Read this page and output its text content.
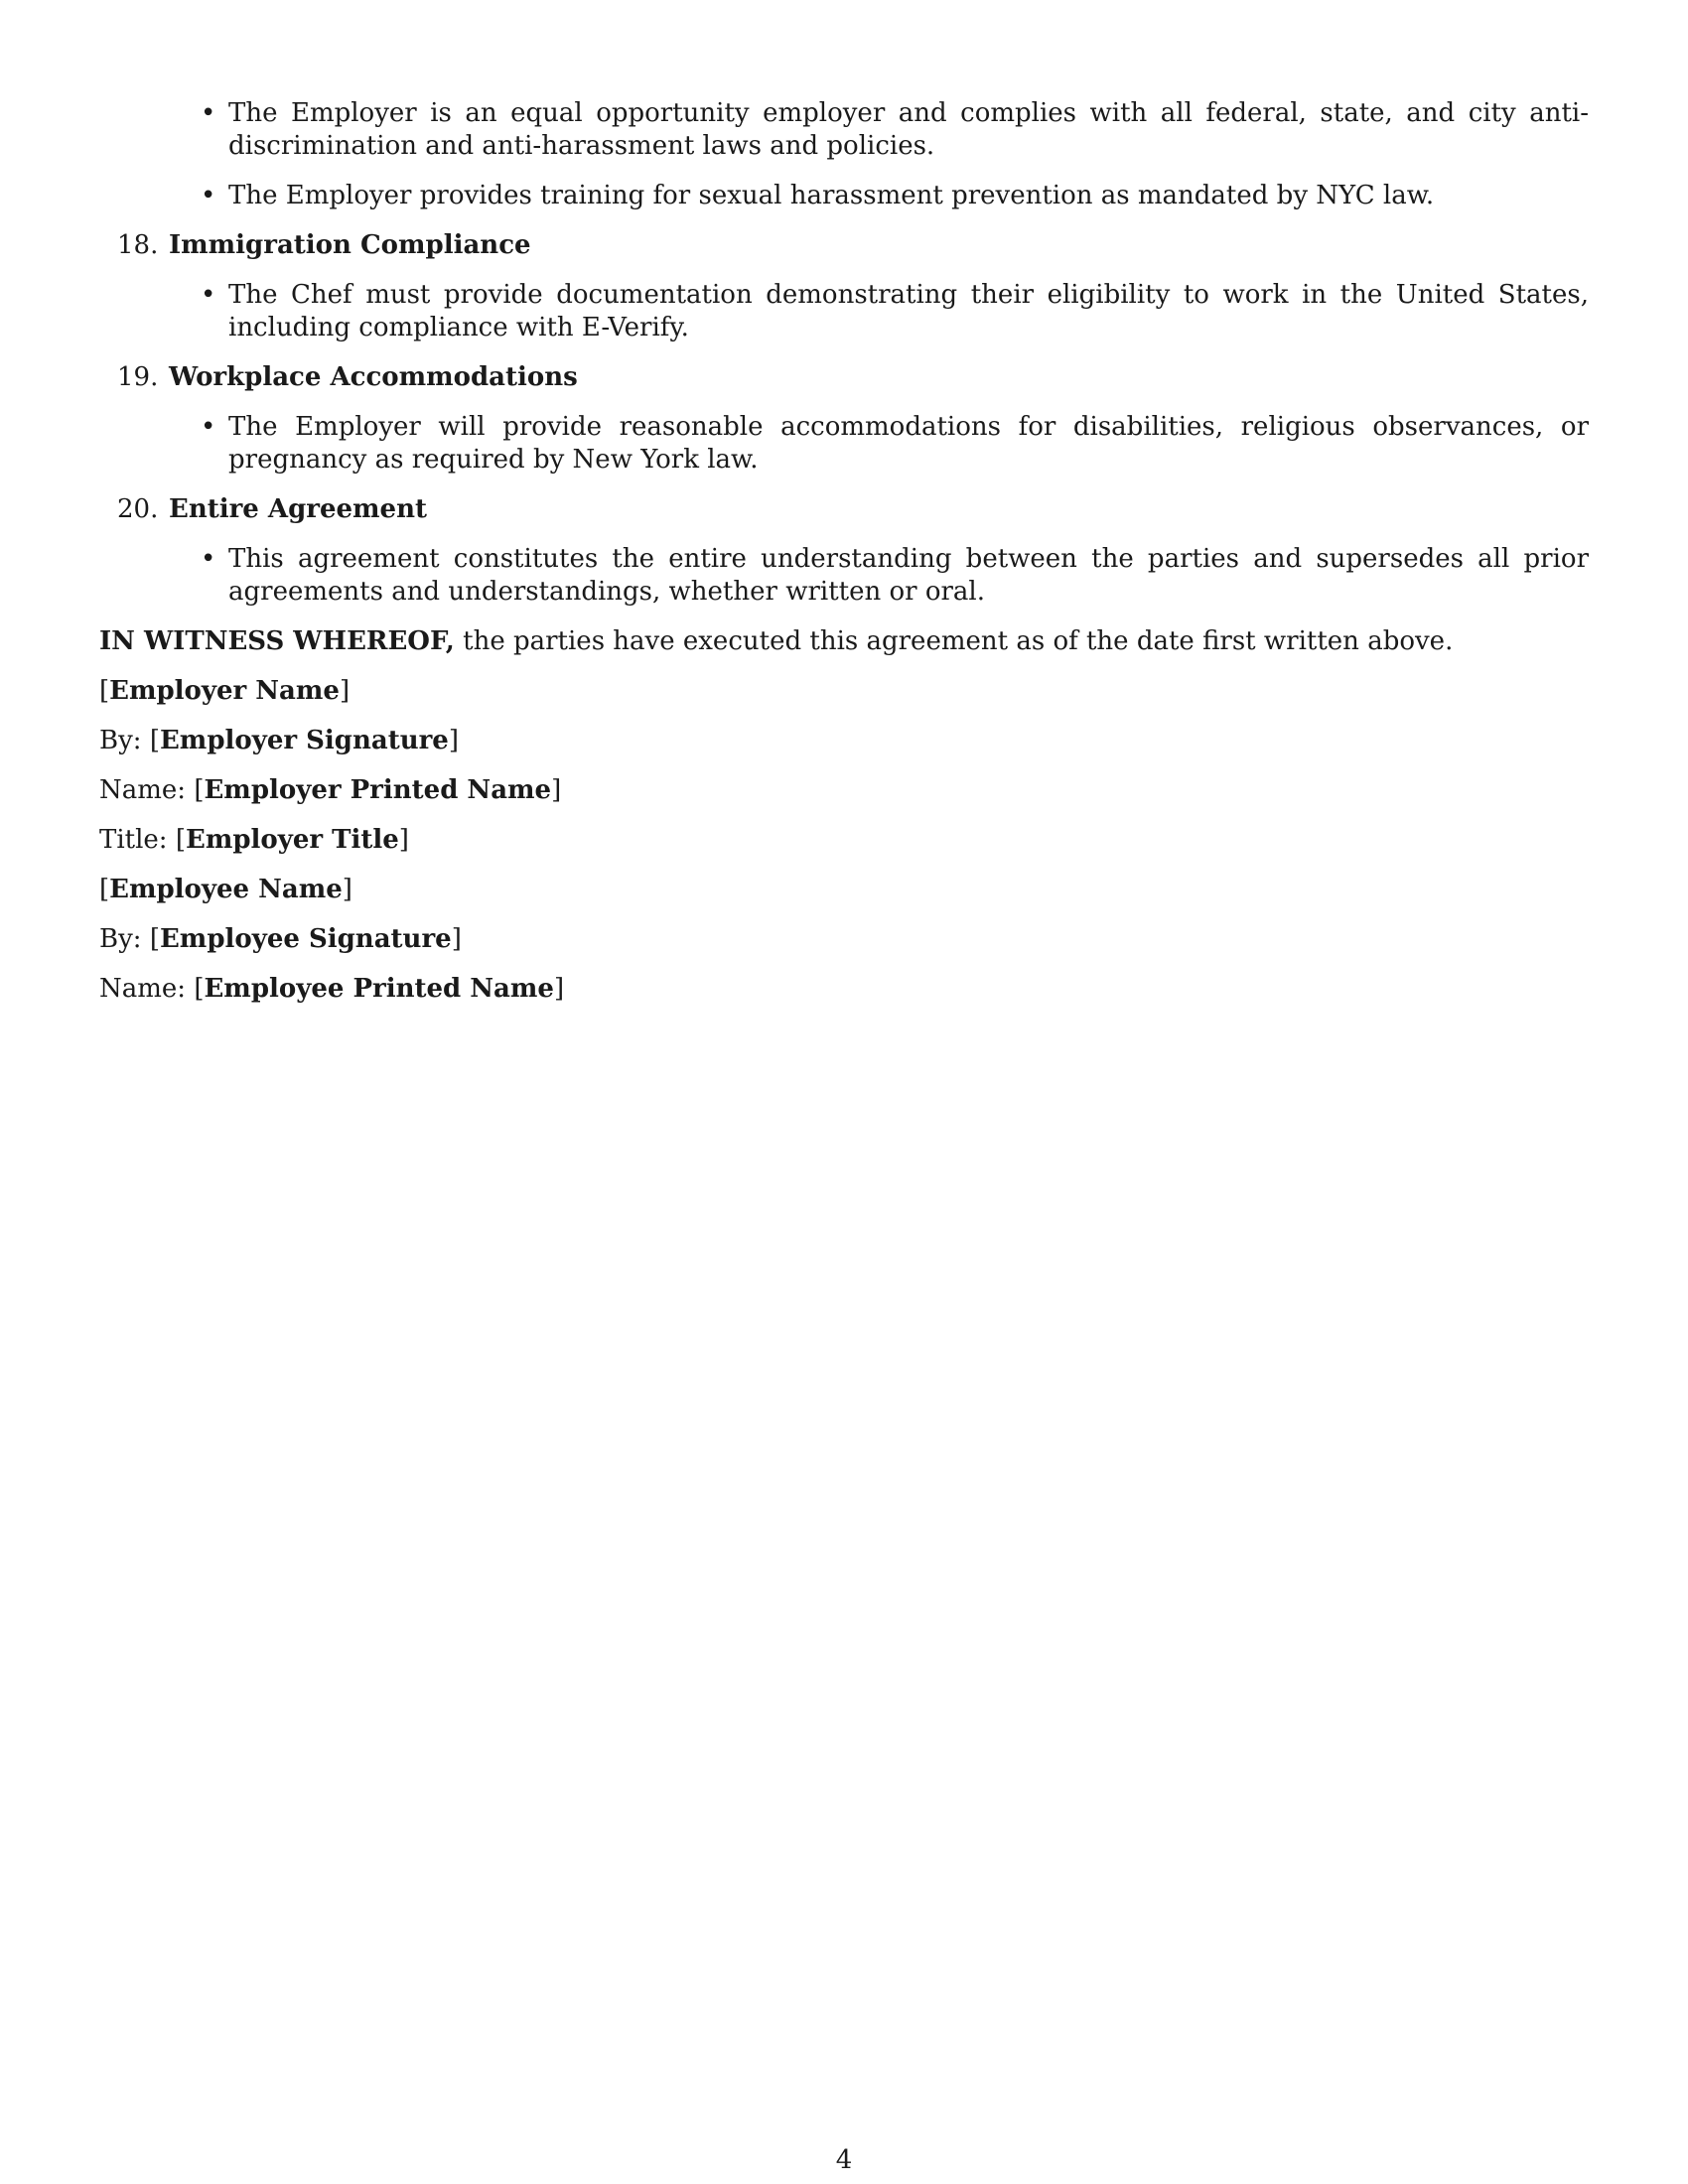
• The Employer is an equal opportunity employer and complies with all federal, state, and city anti-discrimination and anti-harassment laws and policies.
• The Employer provides training for sexual harassment prevention as mandated by NYC law.
18. Immigration Compliance
• The Chef must provide documentation demonstrating their eligibility to work in the United States, including compliance with E-Verify.
19. Workplace Accommodations
• The Employer will provide reasonable accommodations for disabilities, religious observances, or pregnancy as required by New York law.
20. Entire Agreement
• This agreement constitutes the entire understanding between the parties and supersedes all prior agreements and understandings, whether written or oral.

IN WITNESS WHEREOF, the parties have executed this agreement as of the date first written above.

[Employer Name]

By: [Employer Signature]

Name: [Employer Printed Name]

Title: [Employer Title]

[Employee Name]

By: [Employee Signature]

Name: [Employee Printed Name]

4
